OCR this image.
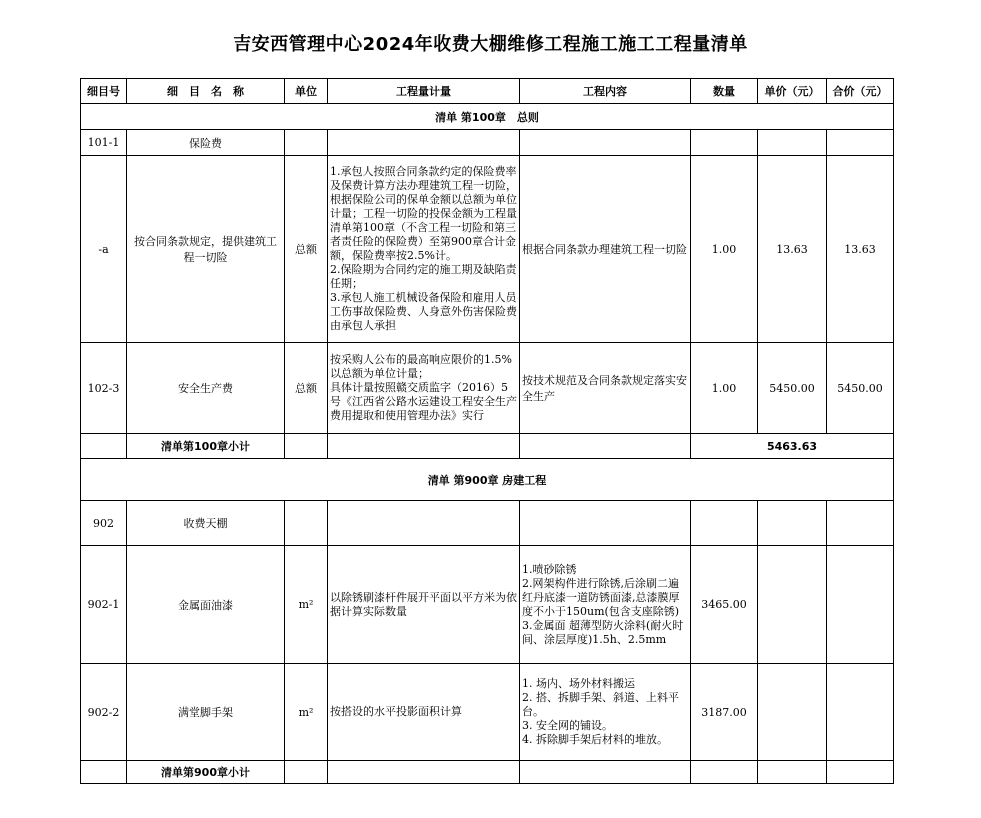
吉安西管理中心2024年收费大棚维修工程施工施工工程量清单
细目号	细　目　名　称	单位	工程量计量	工程内容	数量	单价（元）	合价（元）
清单 第100章　总则							
101-1	保险费						
-a	按合同条款规定，提供建筑工程一切险	总额	1.承包人按照合同条款约定的保险费率及保费计算方法办理建筑工程一切险，根据保险公司的保单金额以总额为单位计量；工程一切险的投保金额为工程量清单第100章（不含工程一切险和第三者责任险的保险费）至第900章合计金额，保险费率按2.5%计。
2.保险期为合同约定的施工期及缺陷责任期；
3.承包人施工机械设备保险和雇用人员工伤事故保险费、人身意外伤害保险费由承包人承担	根据合同条款办理建筑工程一切险	1.00	13.63	13.63
102-3	安全生产费	总额	按采购人公布的最高响应限价的1.5%以总额为单位计量；
具体计量按照赣交质监字（2016）5号《江西省公路水运建设工程安全生产费用提取和使用管理办法》实行	按技术规范及合同条款规定落实安全生产	1.00	5450.00	5450.00
	清单第100章小计				5463.63		
清单 第900章 房建工程							
902	收费天棚						
902-1	金属面油漆	m²	以除锈刷漆杆件展开平面以平方米为依据计算实际数量	1.喷砂除锈
2.网架构件进行除锈,后涂刷二遍红丹底漆一道防锈面漆,总漆膜厚度不小于150um(包含支座除锈)
3.金属面 超薄型防火涂料(耐火时间、涂层厚度)1.5h、2.5mm	3465.00		
902-2	满堂脚手架	m²	按搭设的水平投影面积计算	1. 场内、场外材料搬运
2. 搭、拆脚手架、斜道、上料平台。
3. 安全网的铺设。
4. 拆除脚手架后材料的堆放。	3187.00		
	清单第900章小计						
